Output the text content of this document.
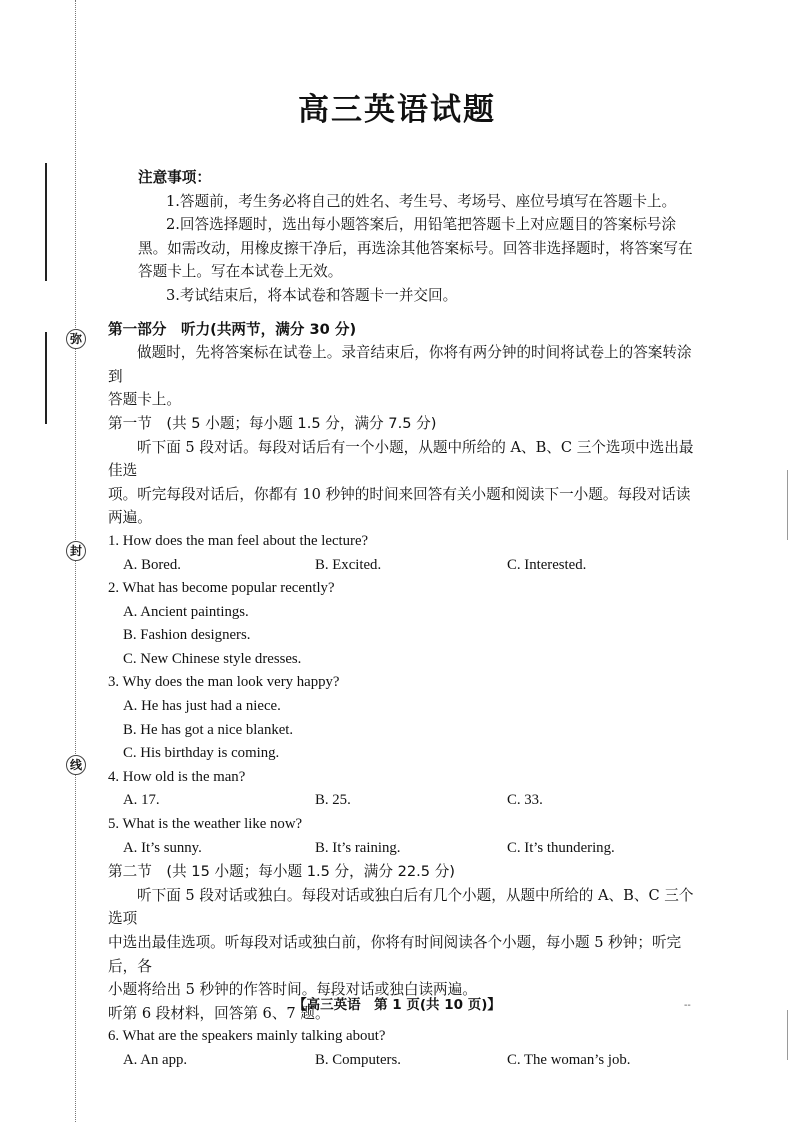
弥
封
线
高三英语试题

注意事项：

1.答题前，考生务必将自己的姓名、考生号、考场号、座位号填写在答题卡上。

2.回答选择题时，选出每小题答案后，用铅笔把答题卡上对应题目的答案标号涂

黑。如需改动，用橡皮擦干净后，再选涂其他答案标号。回答非选择题时，将答案写在

答题卡上。写在本试卷上无效。

3.考试结束后，将本试卷和答题卡一并交回。

第一部分　听力(共两节，满分 30 分)

做题时，先将答案标在试卷上。录音结束后，你将有两分钟的时间将试卷上的答案转涂到

答题卡上。

第一节　(共 5 小题；每小题 1.5 分，满分 7.5 分)

听下面 5 段对话。每段对话后有一个小题，从题中所给的 A、B、C 三个选项中选出最佳选

项。听完每段对话后，你都有 10 秒钟的时间来回答有关小题和阅读下一小题。每段对话读

两遍。

1. How does the man feel about the lecture?

A. Bored.	B. Excited.	C. Interested.

2. What has become popular recently?

A. Ancient paintings.

B. Fashion designers.

C. New Chinese style dresses.

3. Why does the man look very happy?

A. He has just had a niece.

B. He has got a nice blanket.

C. His birthday is coming.

4. How old is the man?

A. 17.	B. 25.	C. 33.

5. What is the weather like now?

A. It’s sunny.	B. It’s raining.	C. It’s thundering.

第二节　(共 15 小题；每小题 1.5 分，满分 22.5 分)

听下面 5 段对话或独白。每段对话或独白后有几个小题，从题中所给的 A、B、C 三个选项

中选出最佳选项。听每段对话或独白前，你将有时间阅读各个小题，每小题 5 秒钟；听完后，各

小题将给出 5 秒钟的作答时间。每段对话或独白读两遍。

听第 6 段材料，回答第 6、7 题。

6. What are the speakers mainly talking about?

A. An app.	B. Computers.	C. The woman’s job.
【高三英语　第 1 页(共 10 页)】	--
